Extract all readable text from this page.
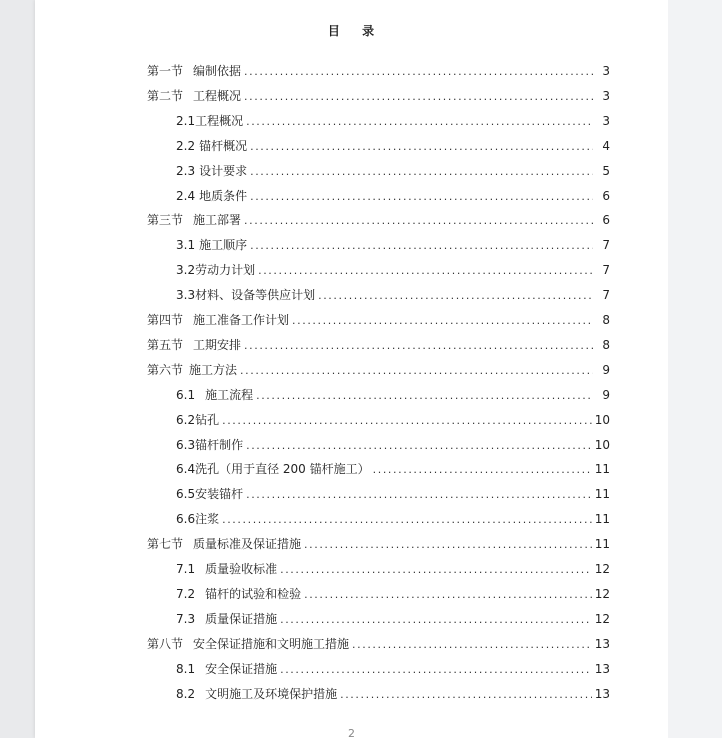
目 录
第一节 编制依据 .....	3
第二节 工程概况 .....	3
2.1工程概况 .....	3
2.2 锚杆概况 .....	4
2.3 设计要求 .....	5
2.4 地质条件 .....	6
第三节 施工部署 .....	6
3.1 施工顺序 .....	7
3.2劳动力计划 .....	7
3.3材料、设备等供应计划 .....	7
第四节 施工准备工作计划 .....	8
第五节 工期安排 .....	8
第六节 施工方法 .....	9
6.1 施工流程 .....	9
6.2钻孔 .....	10
6.3锚杆制作 .....	10
6.4洗孔（用于直径 200 锚杆施工） .....	11
6.5安装锚杆 .....	11
6.6注浆 .....	11
第七节 质量标准及保证措施 .....	11
7.1 质量验收标准 .....	12
7.2 锚杆的试验和检验 .....	12
7.3 质量保证措施 .....	12
第八节 安全保证措施和文明施工措施 .....	13
8.1 安全保证措施 .....	13
8.2 文明施工及环境保护措施 .....	13
2
